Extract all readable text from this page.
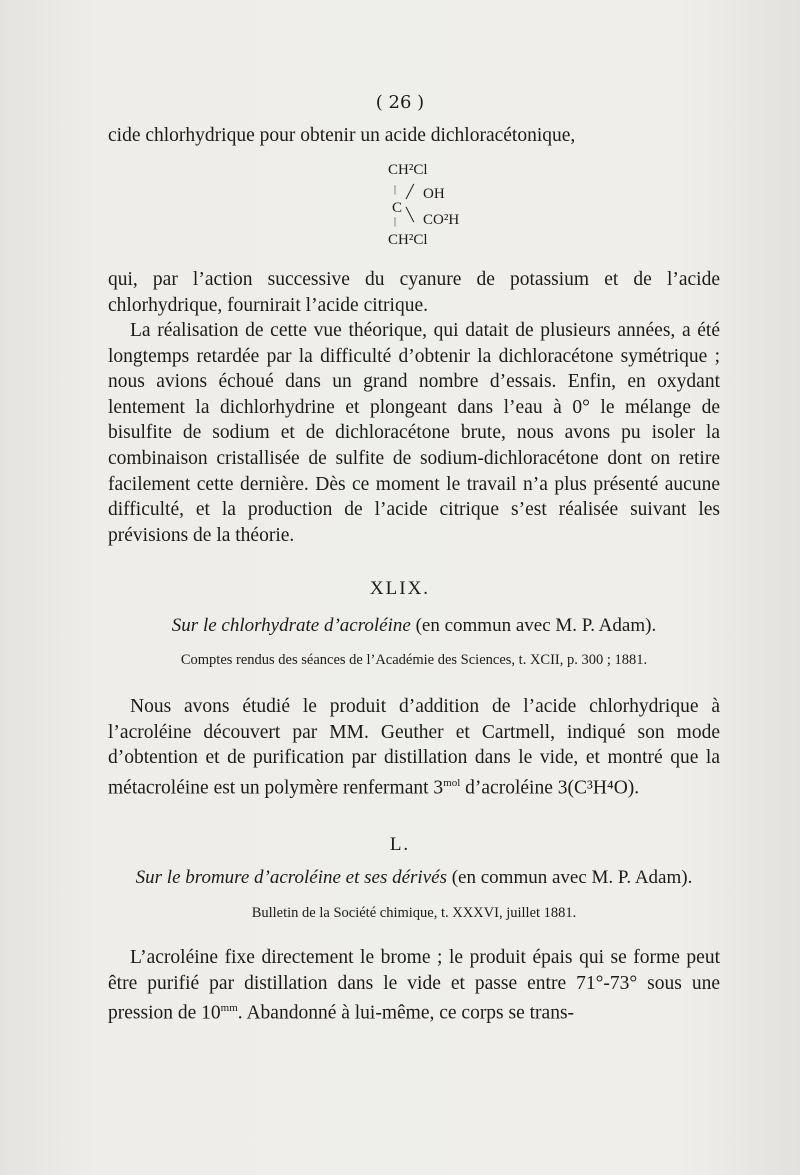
( 26 )

cide chlorhydrique pour obtenir un acide dichloracétonique,

CH²Cl
C
╱
╲
|
|
OH
CO²H
CH²Cl

qui, par l’action successive du cyanure de potassium et de l’acide chlorhydrique, fournirait l’acide citrique.

La réalisation de cette vue théorique, qui datait de plusieurs années, a été longtemps retardée par la difficulté d’obtenir la dichloracétone symétrique ; nous avions échoué dans un grand nombre d’essais. Enfin, en oxydant lentement la dichlorhydrine et plongeant dans l’eau à 0° le mélange de bisulfite de sodium et de dichloracétone brute, nous avons pu isoler la combinaison cristallisée de sulfite de sodium-dichloracétone dont on retire facilement cette dernière. Dès ce moment le travail n’a plus présenté aucune difficulté, et la production de l’acide citrique s’est réalisée suivant les prévisions de la théorie.

XLIX.
Sur le chlorhydrate d’acroléine (en commun avec M. P. Adam).
Comptes rendus des séances de l’Académie des Sciences, t. XCII, p. 300 ; 1881.

Nous avons étudié le produit d’addition de l’acide chlorhydrique à l’acroléine découvert par MM. Geuther et Cartmell, indiqué son mode d’obtention et de purification par distillation dans le vide, et montré que la métacroléine est un polymère renfermant $3^{mol}$ d’acroléine 3(C³H⁴O).

L.
Sur le bromure d’acroléine et ses dérivés (en commun avec M. P. Adam).
Bulletin de la Société chimique, t. XXXVI, juillet 1881.

L’acroléine fixe directement le brome ; le produit épais qui se forme peut être purifié par distillation dans le vide et passe entre 71°-73° sous une pression de $10^{mm}$. Abandonné à lui-même, ce corps se trans-
